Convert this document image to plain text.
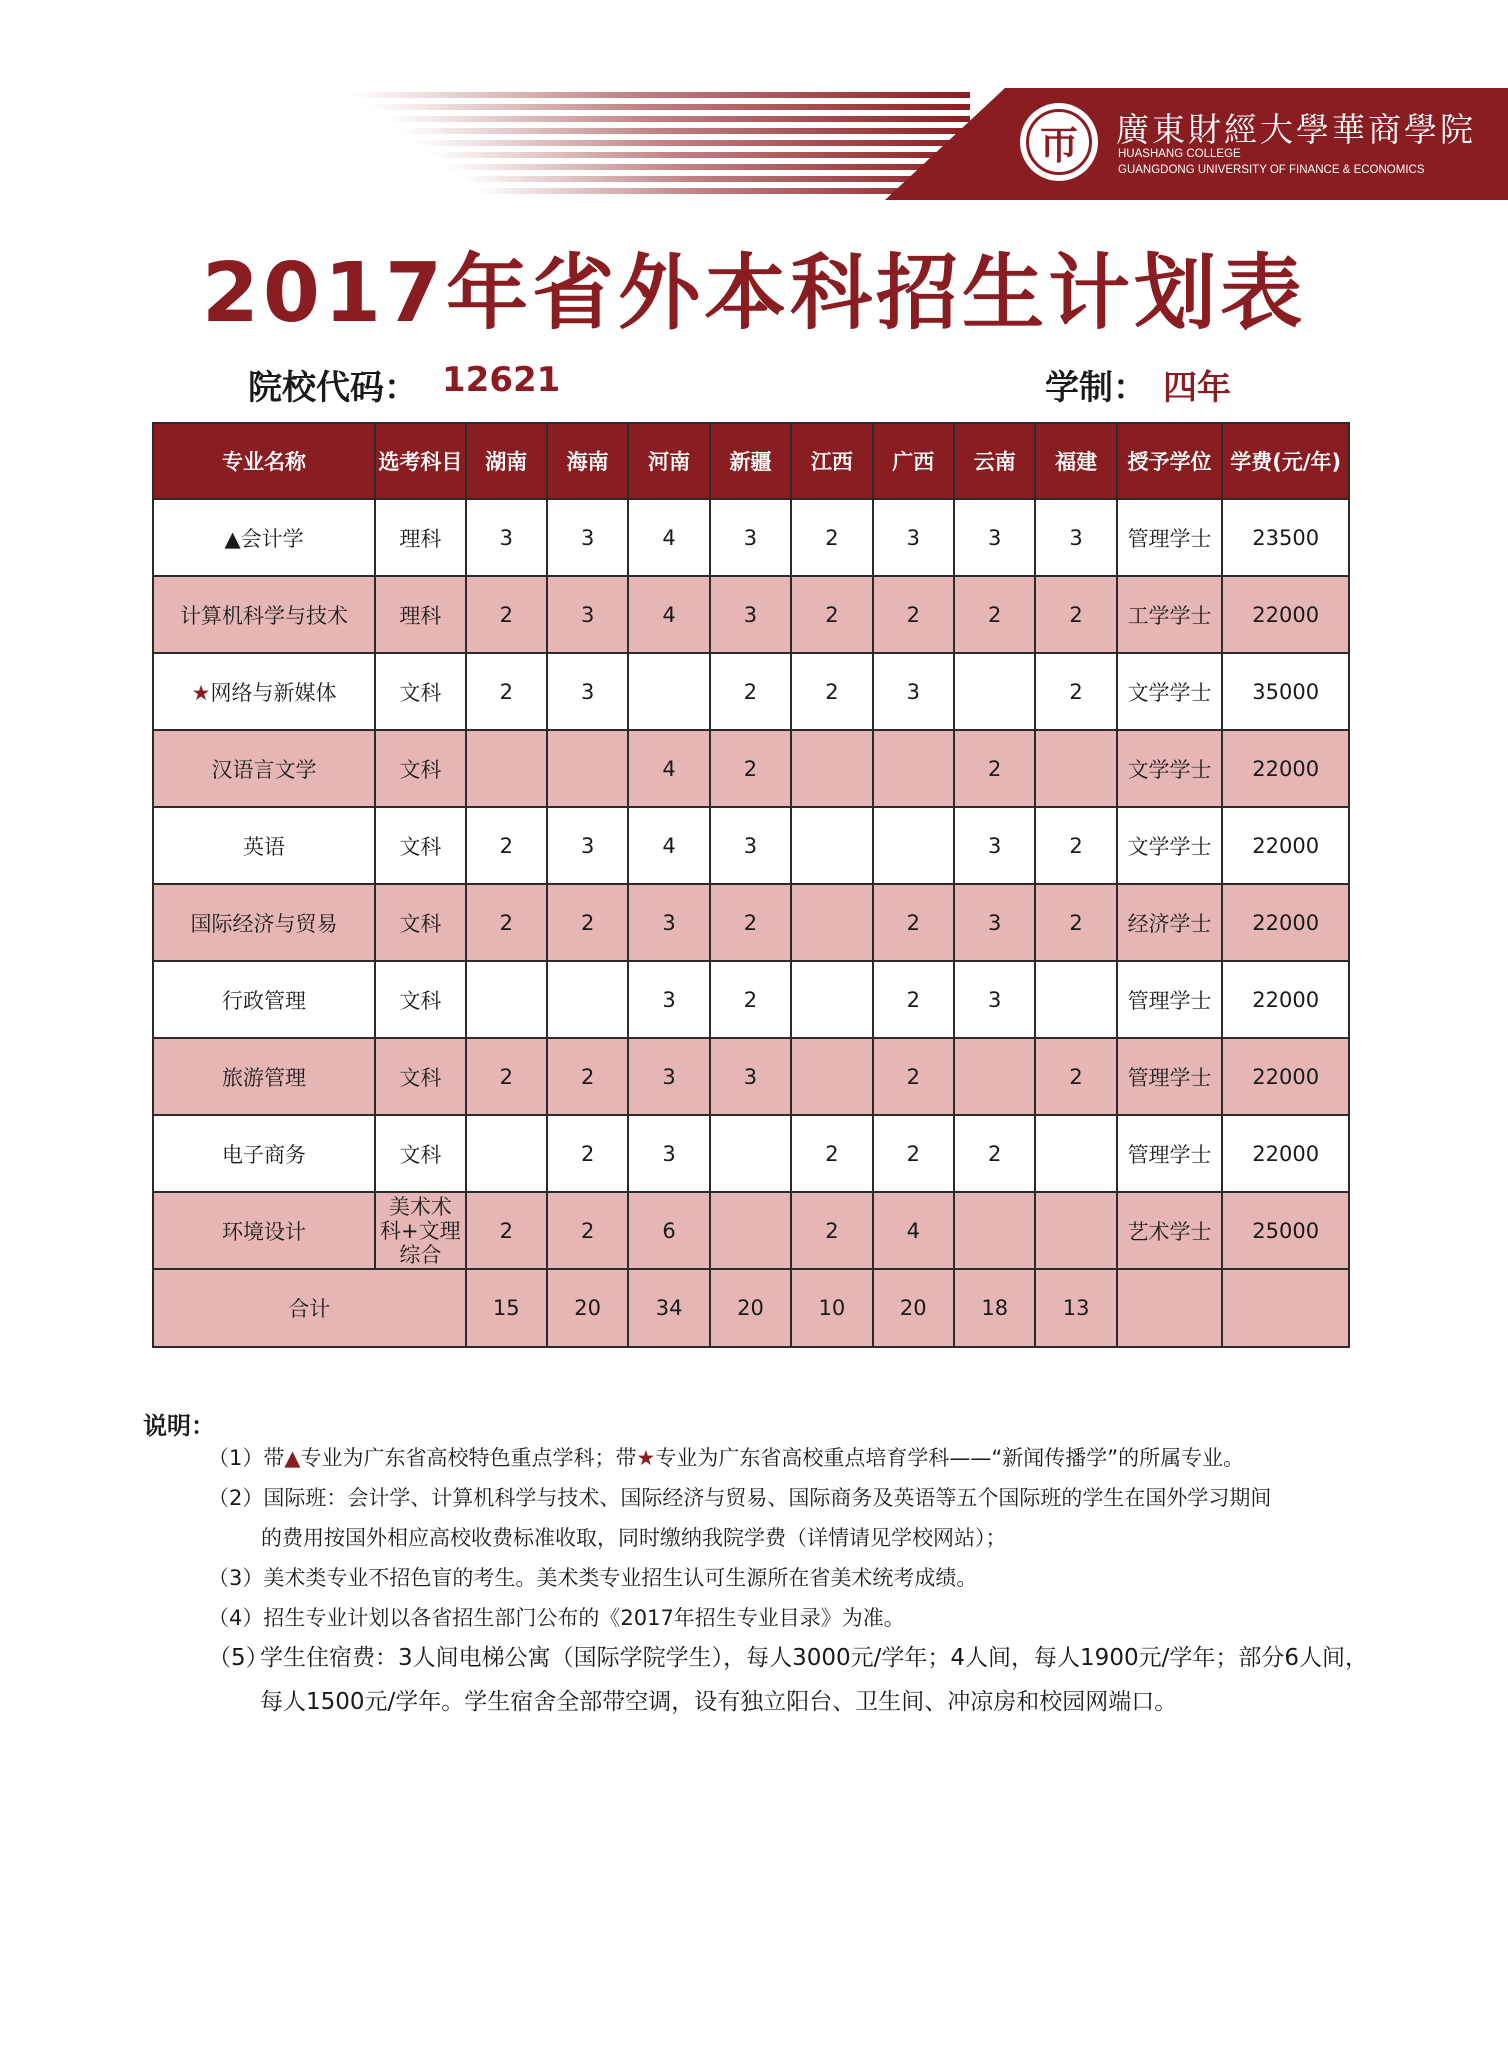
帀	廣東財經大學華商學院
HUASHANG COLLEGE
GUANGDONG UNIVERSITY OF FINANCE & ECONOMICS
2017年省外本科招生计划表
院校代码： 12621	学制： 四年
专业名称	选考科目	湖南	海南	河南	新疆	江西	广西	云南	福建	授予学位	学费(元/年)
▲会计学	理科	3	3	4	3	2	3	3	3	管理学士	23500
计算机科学与技术	理科	2	3	4	3	2	2	2	2	工学学士	22000
★网络与新媒体	文科	2	3		2	2	3		2	文学学士	35000
汉语言文学	文科			4	2			2		文学学士	22000
英语	文科	2	3	4	3			3	2	文学学士	22000
国际经济与贸易	文科	2	2	3	2		2	3	2	经济学士	22000
行政管理	文科			3	2		2	3		管理学士	22000
旅游管理	文科	2	2	3	3		2		2	管理学士	22000
电子商务	文科		2	3		2	2	2		管理学士	22000
环境设计	美术术
科+文理
综合	2	2	6		2	4			艺术学士	25000
合计		15	20	34	20	10	20	18	13		
说明：
（1）带▲专业为广东省高校特色重点学科；带★专业为广东省高校重点培育学科——“新闻传播学”的所属专业。
（2）国际班：会计学、计算机科学与技术、国际经济与贸易、国际商务及英语等五个国际班的学生在国外学习期间
的费用按国外相应高校收费标准收取，同时缴纳我院学费（详情请见学校网站）；
（3）美术类专业不招色盲的考生。美术类专业招生认可生源所在省美术统考成绩。
（4）招生专业计划以各省招生部门公布的《2017年招生专业目录》为准。
（5）
学生住宿费：3人间电梯公寓（国际学院学生），每人3000元/学年；4人间，每人1900元/学年；部分6人间，每人1500元/学年。学生宿舍全部带空调，设有独立阳台、卫生间、冲凉房和校园网端口。
